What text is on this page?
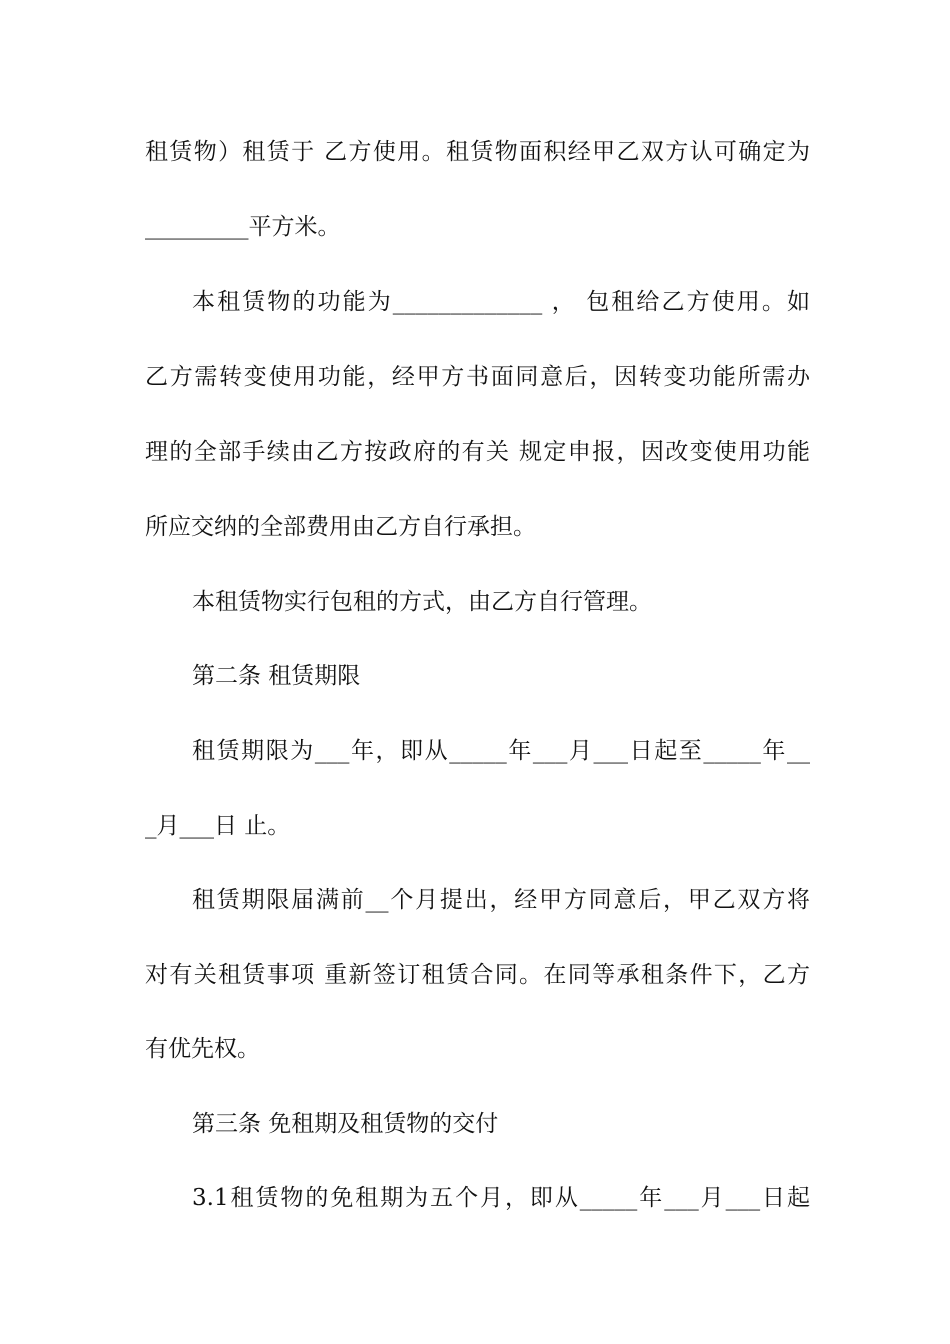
租赁物）租赁于 乙方使用。租赁物面积经甲乙双方认可确定为
_________平方米。
本租赁物的功能为_____________ ， 包租给乙方使用。如
乙方需转变使用功能，经甲方书面同意后，因转变功能所需办
理的全部手续由乙方按政府的有关 规定申报，因改变使用功能
所应交纳的全部费用由乙方自行承担。
本租赁物实行包租的方式，由乙方自行管理。
第二条 租赁期限
租赁期限为___年，即从_____年___月___日起至_____年__
_月___日 止。
租赁期限届满前__个月提出，经甲方同意后，甲乙双方将
对有关租赁事项 重新签订租赁合同。在同等承租条件下，乙方
有优先权。
第三条 免租期及租赁物的交付
3.1租赁物的免租期为五个月，即从_____年___月___日起
